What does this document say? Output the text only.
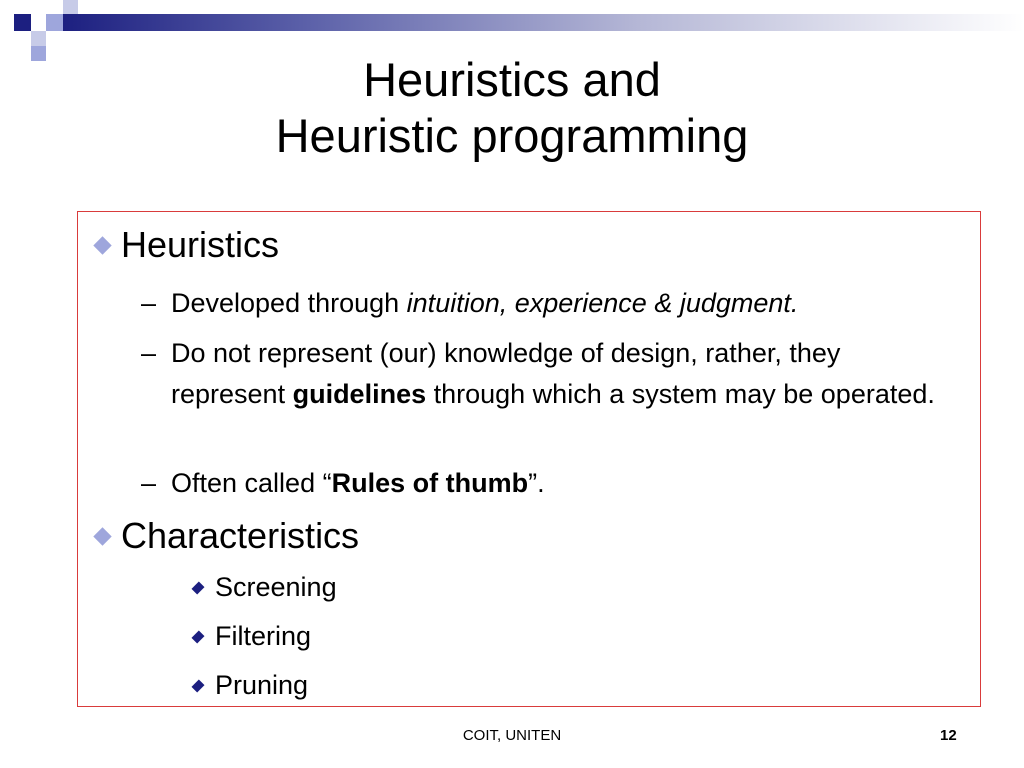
Heuristics and
Heuristic programming
Heuristics
– Developed through intuition, experience & judgment.
– Do not represent (our) knowledge of design, rather, they represent guidelines through which a system may be operated.
– Often called “Rules of thumb”.
Characteristics
Screening
Filtering
Pruning
COIT, UNITEN	12
